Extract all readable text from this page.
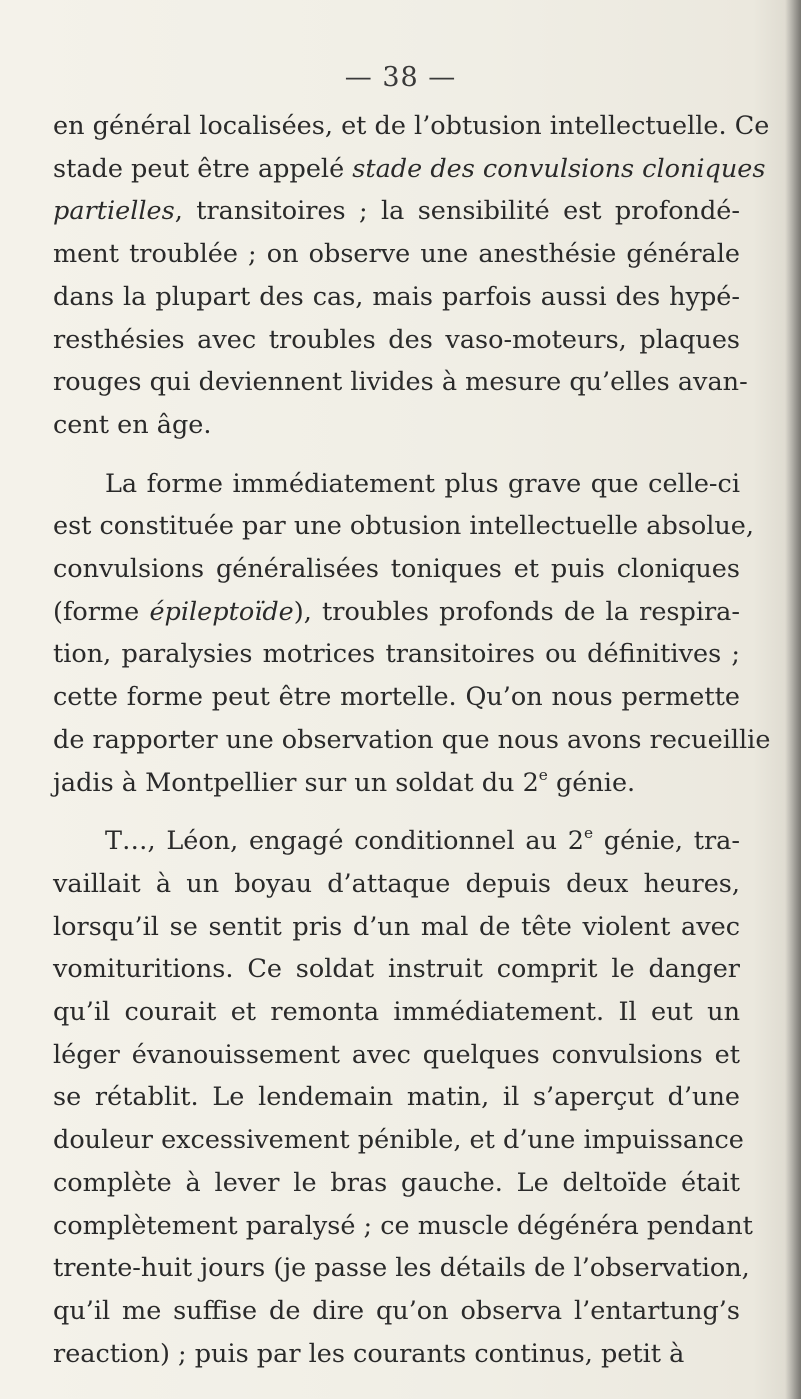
— 38 —
en général localisées, et de l’obtusion intellectuelle. Ce
stade peut être appelé stade des convulsions cloniques
partielles, transitoires ; la sensibilité est profondé-
ment troublée ; on observe une anesthésie générale
dans la plupart des cas, mais parfois aussi des hypé-
resthésies avec troubles des vaso-moteurs, plaques
rouges qui deviennent livides à mesure qu’elles avan-
cent en âge.
La forme immédiatement plus grave que celle-ci
est constituée par une obtusion intellectuelle absolue,
convulsions généralisées toniques et puis cloniques
(forme épileptoïde), troubles profonds de la respira-
tion, paralysies motrices transitoires ou définitives ;
cette forme peut être mortelle. Qu’on nous permette
de rapporter une observation que nous avons recueillie
jadis à Montpellier sur un soldat du 2e génie.
T…, Léon, engagé conditionnel au 2e génie, tra-
vaillait à un boyau d’attaque depuis deux heures,
lorsqu’il se sentit pris d’un mal de tête violent avec
vomituritions. Ce soldat instruit comprit le danger
qu’il courait et remonta immédiatement. Il eut un
léger évanouissement avec quelques convulsions et
se rétablit. Le lendemain matin, il s’aperçut d’une
douleur excessivement pénible, et d’une impuissance
complète à lever le bras gauche. Le deltoïde était
complètement paralysé ; ce muscle dégénéra pendant
trente-huit jours (je passe les détails de l’observation,
qu’il me suffise de dire qu’on observa l’entartung’s
reaction) ; puis par les courants continus, petit à
